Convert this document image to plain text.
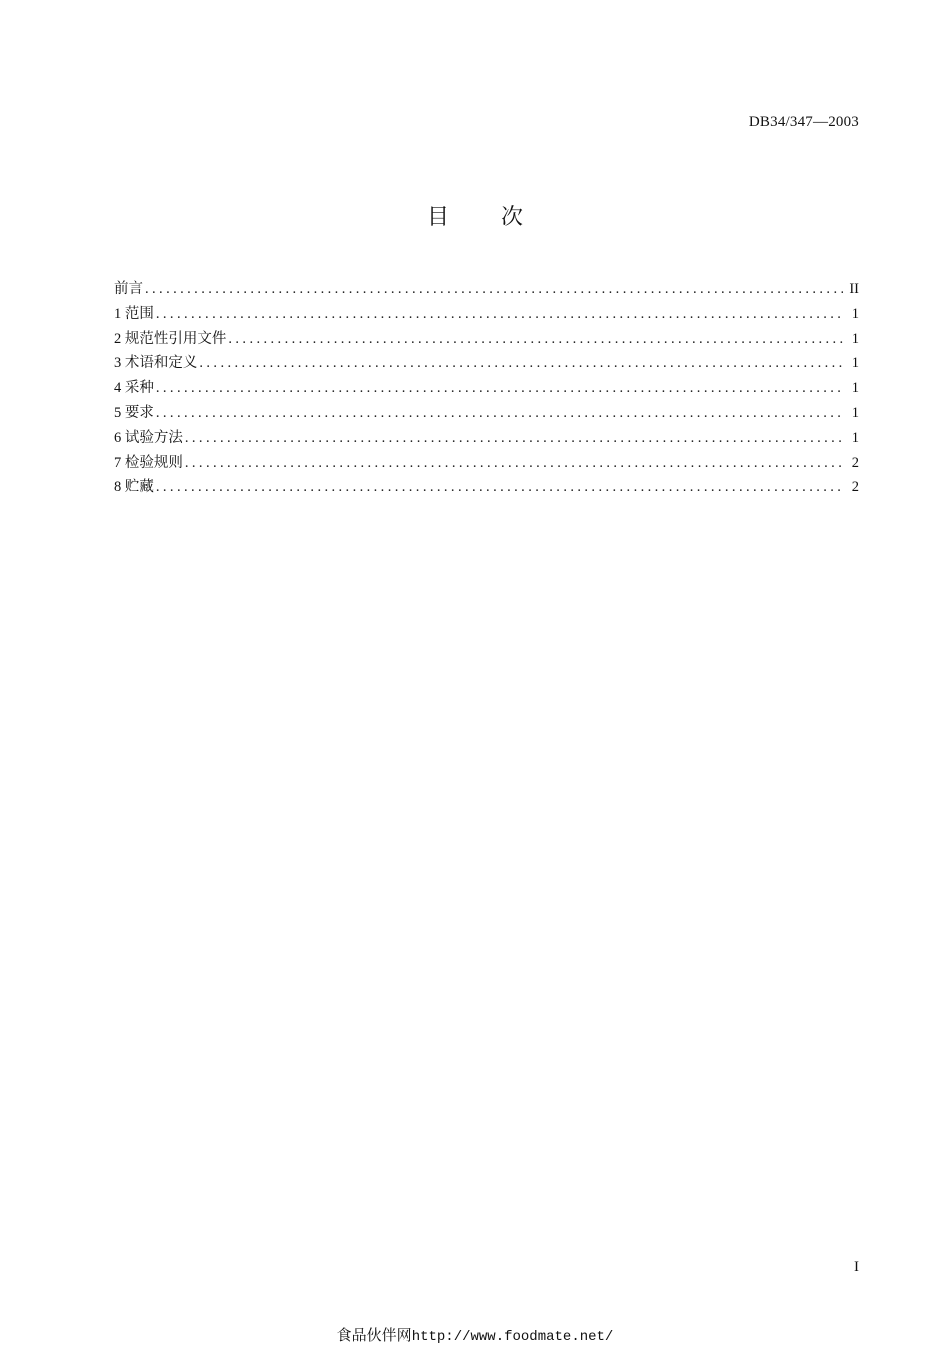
DB34/347—2003
目次
前言 .....	II
1 范围 .....	1
2 规范性引用文件 .....	1
3 术语和定义 .....	1
4 采种 .....	1
5 要求 .....	1
6 试验方法 .....	1
7 检验规则 .....	2
8 贮藏 .....	2
I
食品伙伴网http://www.foodmate.net/
